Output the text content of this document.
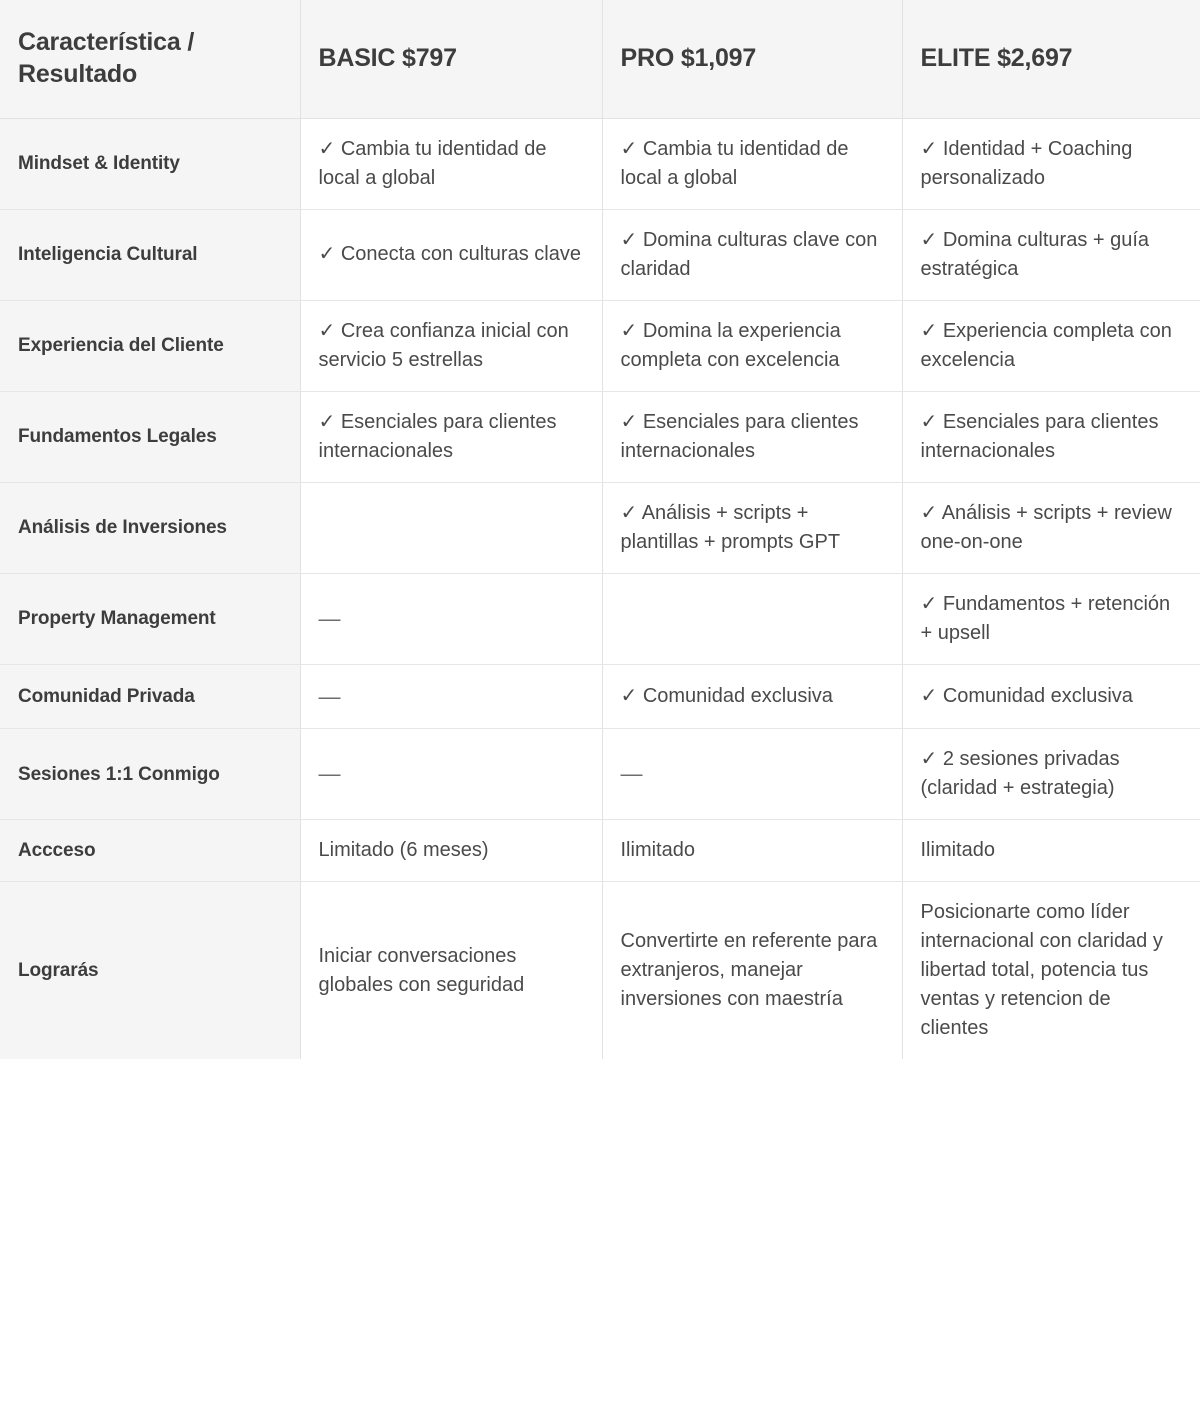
Característica / Resultado	BASIC $797	PRO $1,097	ELITE $2,697
Mindset & Identity	✓ Cambia tu identidad de local a global	✓ Cambia tu identidad de local a global	✓ Identidad + Coaching personalizado
Inteligencia Cultural	✓ Conecta con culturas clave	✓ Domina culturas clave con claridad	✓ Domina culturas + guía estratégica
Experiencia del Cliente	✓ Crea confianza inicial con servicio 5 estrellas	✓ Domina la experiencia completa con excelencia	✓ Experiencia completa con excelencia
Fundamentos Legales	✓ Esenciales para clientes internacionales	✓ Esenciales para clientes internacionales	✓ Esenciales para clientes internacionales
Análisis de Inversiones		✓ Análisis + scripts + plantillas + prompts GPT	✓ Análisis + scripts + review one-on-one
Property Management	—		✓ Fundamentos + retención + upsell
Comunidad Privada	—	✓ Comunidad exclusiva	✓ Comunidad exclusiva
Sesiones 1:1 Conmigo	—	—	✓ 2 sesiones privadas (claridad + estrategia)
Accceso	Limitado (6 meses)	Ilimitado	Ilimitado
Lograrás	Iniciar conversaciones globales con seguridad	Convertirte en referente para extranjeros, manejar inversiones con maestría	Posicionarte como líder internacional con claridad y libertad total, potencia tus ventas y retencion de clientes
